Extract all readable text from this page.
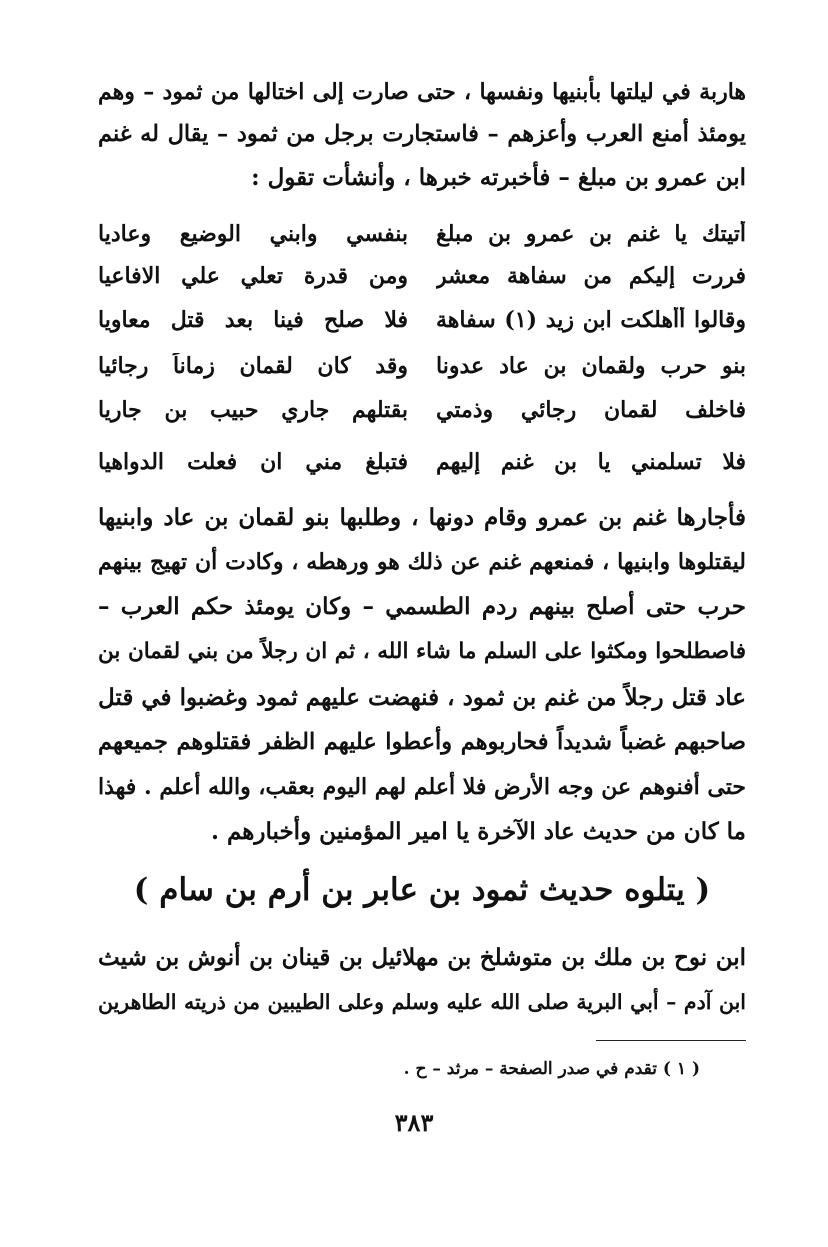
هاربة في ليلتها بأبنيها ونفسها ، حتى صارت إلى اختالها من ثمود – وهم
يومئذ أمنع العرب وأعزهم – فاستجارت برجل من ثمود – يقال له غنم
ابن عمرو بن مبلغ – فأخبرته خبرها ، وأنشأت تقول :
أتيتك يا غنم بن عمرو بن مبلغ
بنفسي وابني الوضيع وعاديا
فررت إليكم من سفاهة معشر
ومن قدرة تعلي علي الافاعيا
وقالوا أأهلكت ابن زيد (١) سفاهة
فلا صلح فينا بعد قتل معاويا
بنو حرب ولقمان بن عاد عدونا
وقد كان لقمان زماناً رجائيا
فاخلف لقمان رجائي وذمتي
بقتلهم جاري حبيب بن جاريا
فلا تسلمني يا بن غنم إليهم
فتبلغ مني ان فعلت الدواهيا
فأجارها غنم بن عمرو وقام دونها ، وطلبها بنو لقمان بن عاد وابنيها
ليقتلوها وابنيها ، فمنعهم غنم عن ذلك هو ورهطه ، وكادت أن تهيج بينهم
حرب حتى أصلح بينهم ردم الطسمي – وكان يومئذ حكم العرب –
فاصطلحوا ومكثوا على السلم ما شاء الله ، ثم ان رجلاً من بني لقمان بن
عاد قتل رجلاً من غنم بن ثمود ، فنهضت عليهم ثمود وغضبوا في قتل
صاحبهم غضباً شديداً فحاربوهم وأعطوا عليهم الظفر فقتلوهم جميعهم
حتى أفنوهم عن وجه الأرض فلا أعلم لهم اليوم بعقب، والله أعلم . فهذا
ما كان من حديث عاد الآخرة يا امير المؤمنين وأخبارهم .
( يتلوه حديث ثمود بن عابر بن أرم بن سام )
ابن نوح بن ملك بن متوشلخ بن مهلائيل بن قينان بن أنوش بن شيث
ابن آدم – أبي البرية صلى الله عليه وسلم وعلى الطيبين من ذريته الطاهرين
( ١ ) تقدم في صدر الصفحة – مرثد – ح .
٣٨٣
